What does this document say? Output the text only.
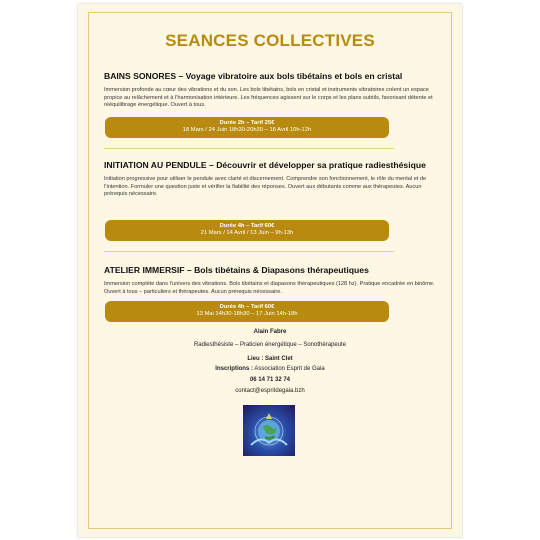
SEANCES COLLECTIVES
BAINS SONORES – Voyage vibratoire aux bols tibétains et bols en cristal

Immersion profonde au cœur des vibrations et du son. Les bols tibétains, bols en cristal et instruments vibratoires créent un espace propice au relâchement et à l’harmonisation intérieure. Les fréquences agissent sur le corps et les plans subtils, favorisant détente et rééquilibrage énergétique. Ouvert à tous.

Durée 2h – Tarif 25€
18 Mars / 24 Juin 18h30-20h30 – 18 Avril 10h-12h
INITIATION AU PENDULE – Découvrir et développer sa pratique radiesthésique

Initiation progressive pour utiliser le pendule avec clarté et discernement. Comprendre son fonctionnement, le rôle du mental et de l’intention. Formuler une question juste et vérifier la fiabilité des réponses. Ouvert aux débutants comme aux thérapeutes. Aucun prérequis nécessaire.

Durée 4h – Tarif 60€
21 Mars / 14 Avril / 13 Juin – 9h-13h
ATELIER IMMERSIF – Bols tibétains & Diapasons thérapeutiques

Immersion complète dans l’univers des vibrations. Bols tibétains et diapasons thérapeutiques (128 hz). Pratique encadrée en binôme. Ouvert à tous – particuliers et thérapeutes. Aucun prérequis nécessaire.

Durée 4h – Tarif 60€
13 Mai 14h30-18h30 – 17 Juin 14h-18h
Alain Fabre
Radiesthésiste – Praticien énergétique – Sonothérapeute
Lieu : Saint Clet
Inscriptions : Association Esprit de Gaia
06 14 71 32 74
contact@espritdegaia.bzh
